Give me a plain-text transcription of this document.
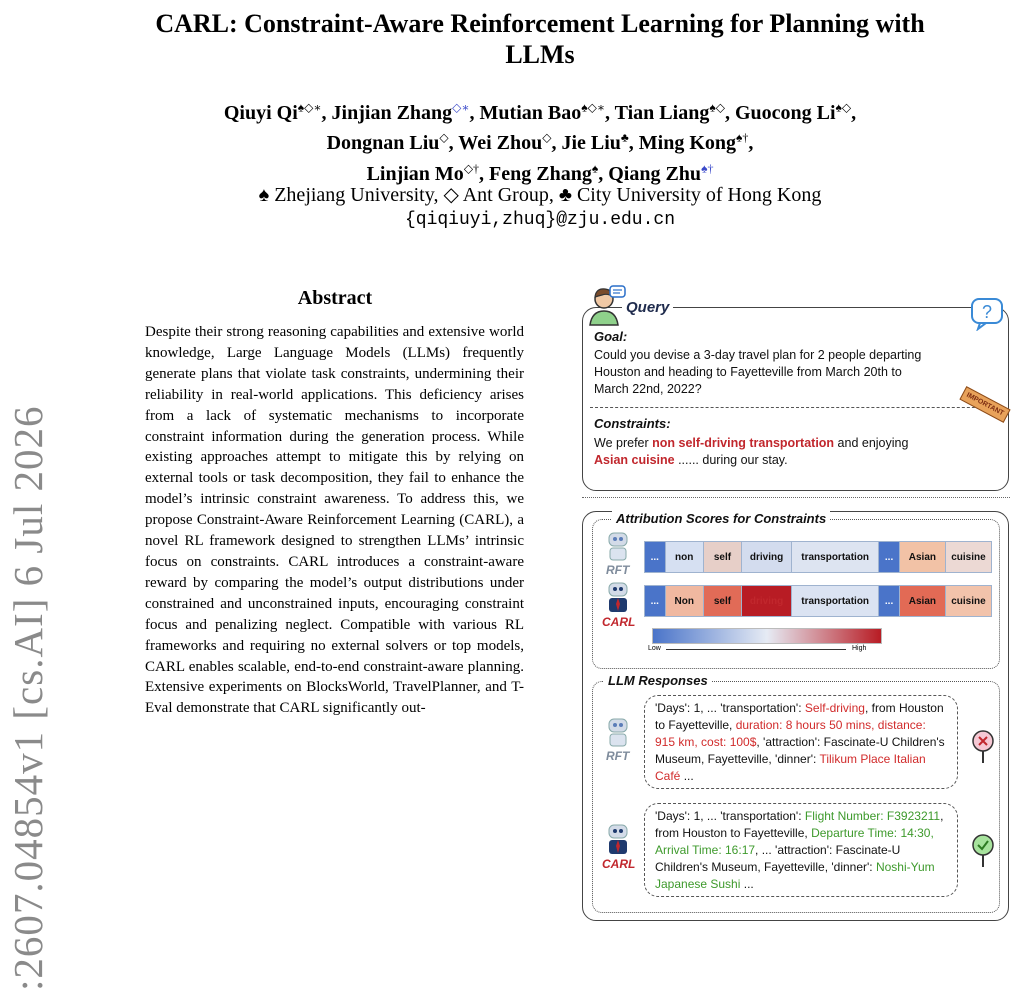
:2607.04854v1 [cs.AI] 6 Jul 2026
CARL: Constraint-Aware Reinforcement Learning for Planning with
LLMs
Qiuyi Qi♠◇∗, Jinjian Zhang◇∗, Mutian Bao♠◇∗, Tian Liang♠◇, Guocong Li♠◇,
Dongnan Liu◇, Wei Zhou◇, Jie Liu♣, Ming Kong♠†,
Linjian Mo◇†, Feng Zhang♠, Qiang Zhu♠†
♠ Zhejiang University, ◇ Ant Group, ♣ City University of Hong Kong
{qiqiuyi,zhuq}@zju.edu.cn
Abstract
Despite their strong reasoning capabilities and extensive world knowledge, Large Language Models (LLMs) frequently generate plans that violate task constraints, undermining their reliability in real-world applications. This deficiency arises from a lack of systematic mechanisms to incorporate constraint information during the generation process. While existing approaches attempt to mitigate this by relying on external tools or task decomposition, they fail to enhance the model’s intrinsic constraint awareness. To address this, we propose Constraint-Aware Reinforcement Learning (CARL), a novel RL framework designed to strengthen LLMs’ intrinsic focus on constraints. CARL introduces a constraint-aware reward by comparing the model’s output distributions under constrained and unconstrained inputs, encouraging constraint focus and penalizing neglect. Compatible with various RL frameworks and requiring no external solvers or top models, CARL enables scalable, end-to-end constraint-aware planning. Extensive experiments on BlocksWorld, TravelPlanner, and T-Eval demonstrate that CARL significantly out-
Query	?
Goal:
Could you devise a 3-day travel plan for 2 people departing Houston and heading to Fayetteville from March 20th to March 22nd, 2022?
IMPORTANT
Constraints:
We prefer non self-driving transportation and enjoying
Asian cuisine ...... during our stay.
Attribution Scores for Constraints
RFT
...	non	self	driving	transportation	...	Asian	cuisine
CARL
...	Non	self	driving	transportation	...	Asian	cuisine
Low	High
LLM Responses
RFT
'Days': 1, ... 'transportation': Self-driving, from Houston to Fayetteville, duration: 8 hours 50 mins, distance: 915 km, cost: 100$, 'attraction': Fascinate-U Children's Museum, Fayetteville, 'dinner': Tilikum Place Italian Café ...
CARL
'Days': 1, ... 'transportation': Flight Number: F3923211, from Houston to Fayetteville, Departure Time: 14:30, Arrival Time: 16:17, ... 'attraction': Fascinate-U Children's Museum, Fayetteville, 'dinner': Noshi-Yum Japanese Sushi ...
